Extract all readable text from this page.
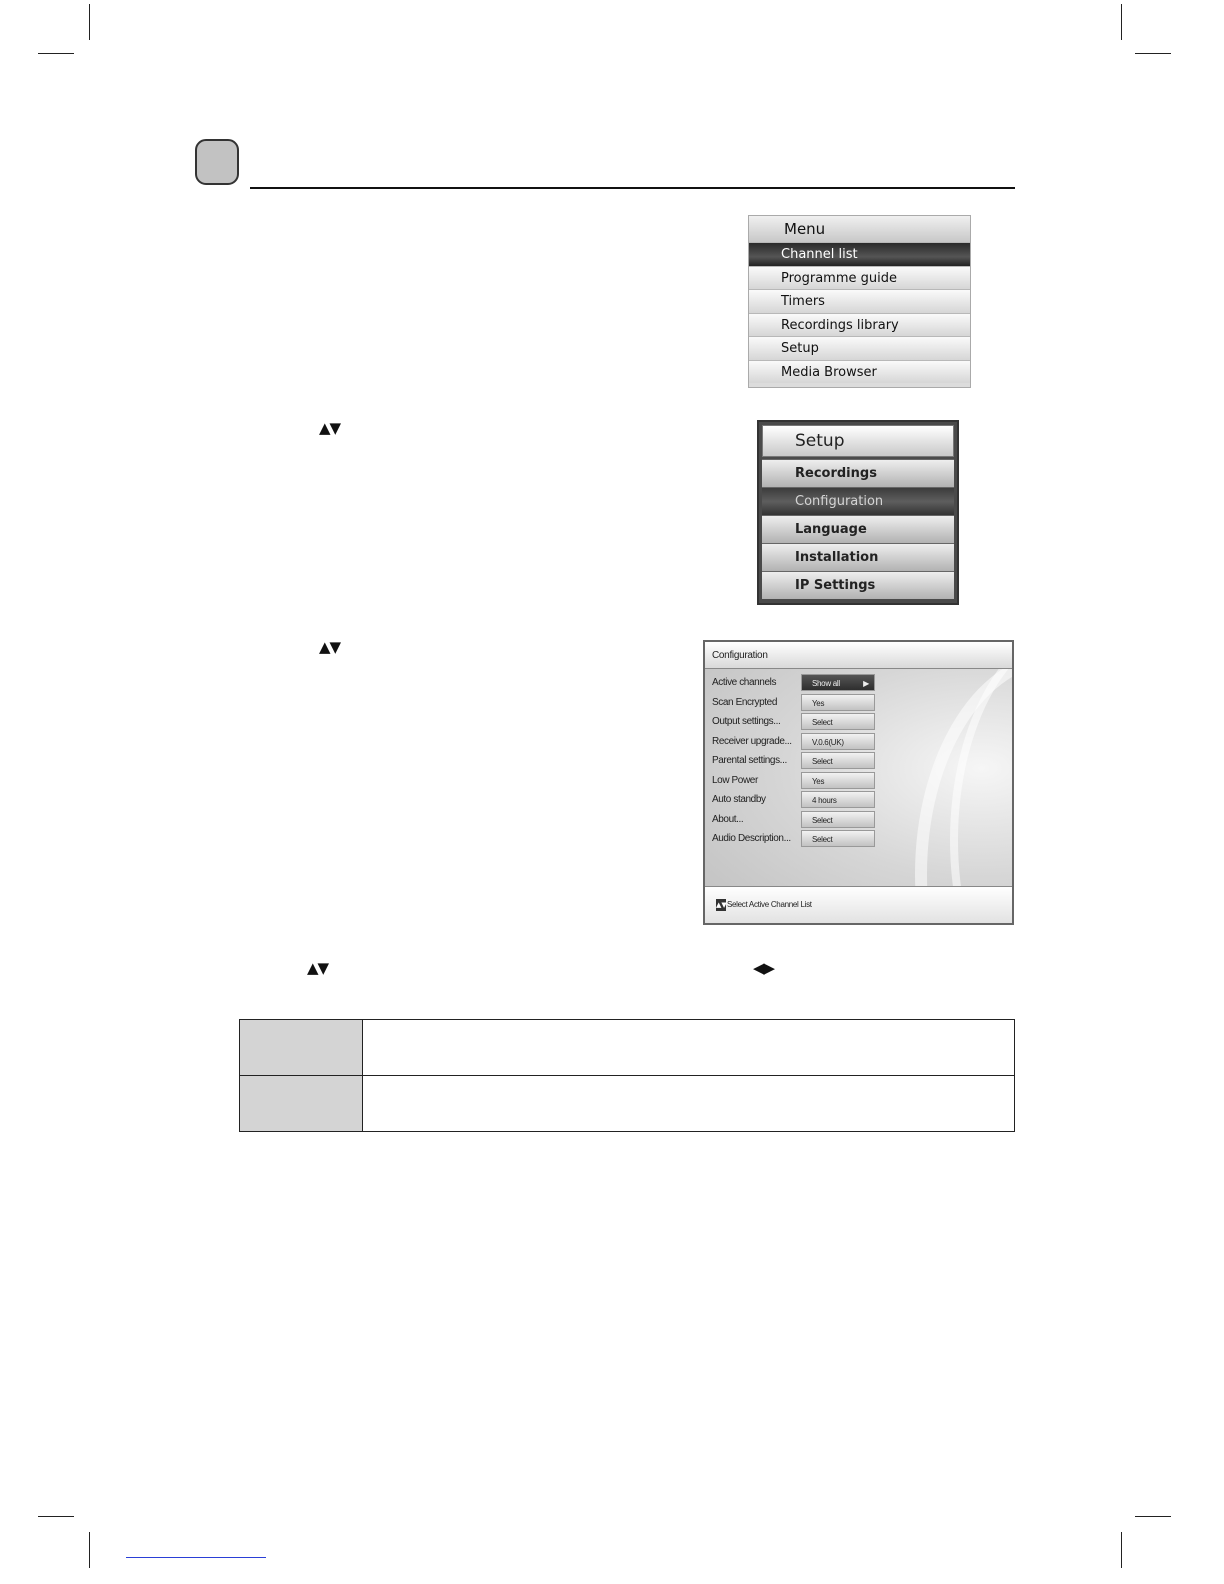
▲▼
▲▼
▲▼	◀▶
Menu
Channel list
Programme guide
Timers
Recordings library
Setup
Media Browser
Setup
Recordings
Configuration
Language
Installation
IP Settings
Configuration
Active channels	Show all	▶
Scan Encrypted	Yes
Output settings...	Select
Receiver upgrade...	V.0.6(UK)
Parental settings...	Select
Low Power	Yes
Auto standby	4 hours
About...	Select
Audio Description...	Select
▲▼ Select Active Channel List
